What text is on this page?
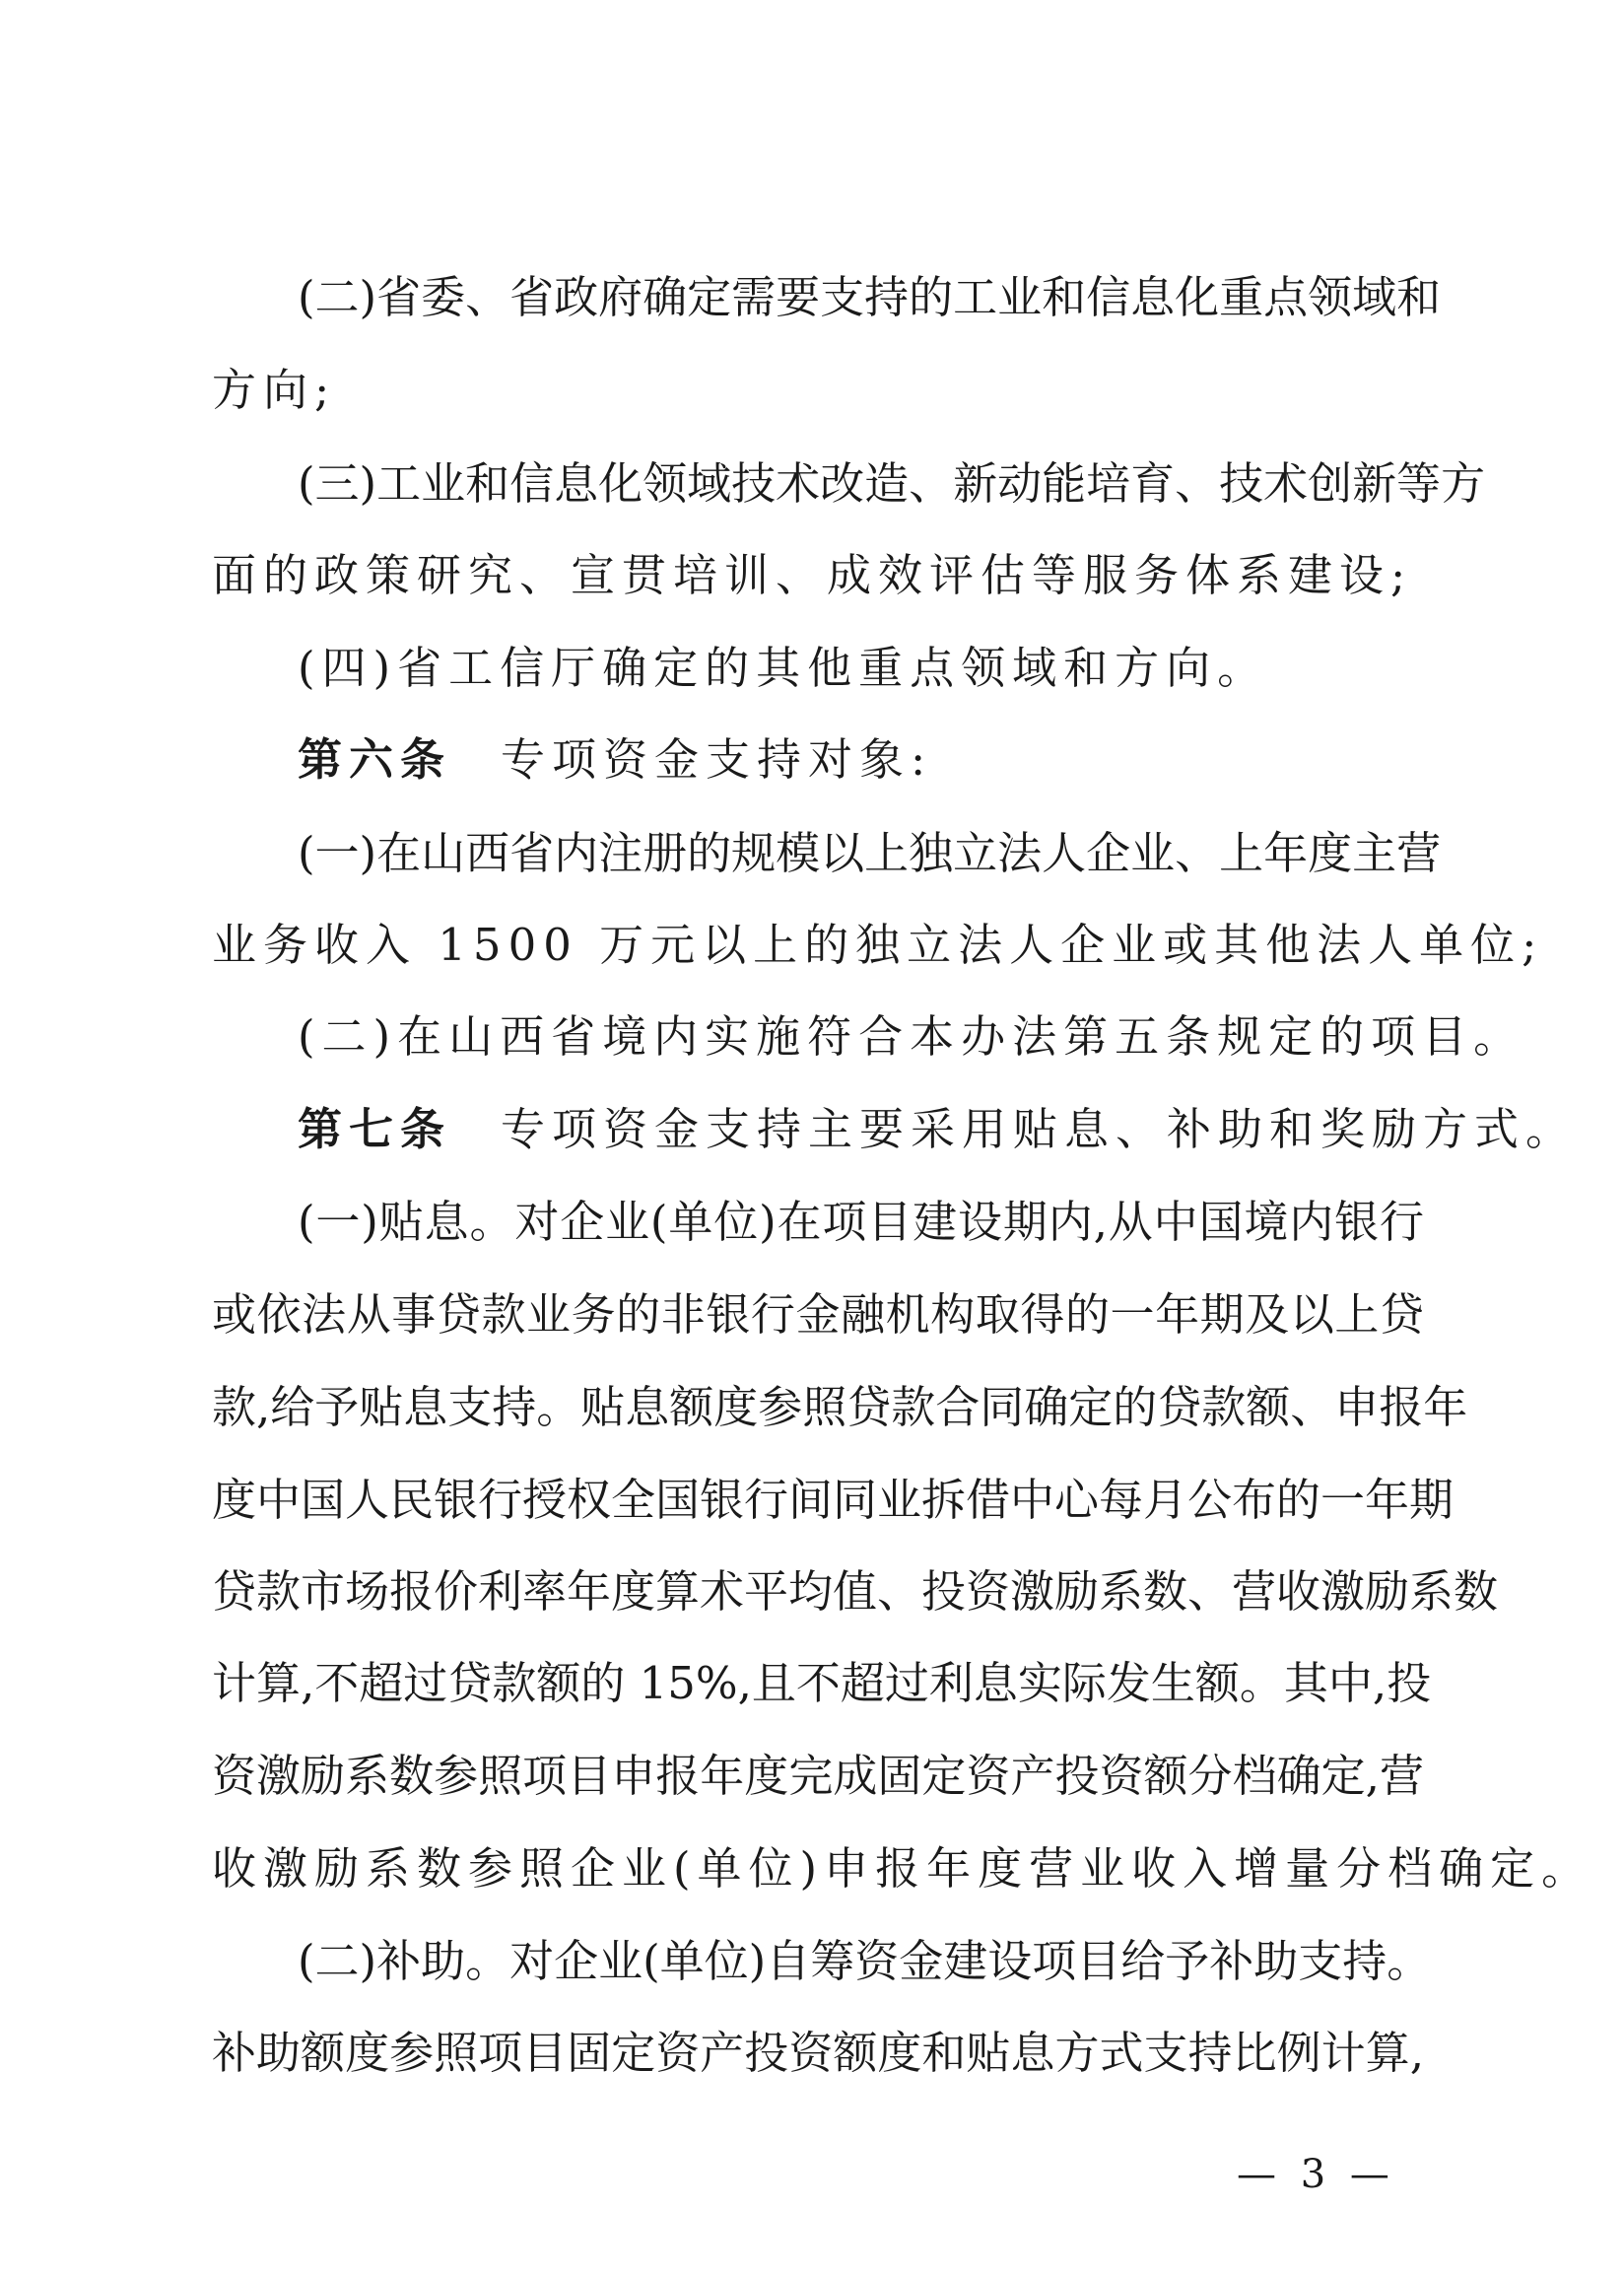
(二)省委、省政府确定需要支持的工业和信息化重点领域和
方向;
(三)工业和信息化领域技术改造、新动能培育、技术创新等方
面的政策研究、宣贯培训、成效评估等服务体系建设;
(四)省工信厅确定的其他重点领域和方向。
第六条 专项资金支持对象:
(一)在山西省内注册的规模以上独立法人企业、上年度主营
业务收入 1500 万元以上的独立法人企业或其他法人单位;
(二)在山西省境内实施符合本办法第五条规定的项目。
第七条 专项资金支持主要采用贴息、补助和奖励方式。
(一)贴息。对企业(单位)在项目建设期内,从中国境内银行
或依法从事贷款业务的非银行金融机构取得的一年期及以上贷
款,给予贴息支持。贴息额度参照贷款合同确定的贷款额、申报年
度中国人民银行授权全国银行间同业拆借中心每月公布的一年期
贷款市场报价利率年度算术平均值、投资激励系数、营收激励系数
计算,不超过贷款额的 15%,且不超过利息实际发生额。其中,投
资激励系数参照项目申报年度完成固定资产投资额分档确定,营
收激励系数参照企业(单位)申报年度营业收入增量分档确定。
(二)补助。对企业(单位)自筹资金建设项目给予补助支持。
补助额度参照项目固定资产投资额度和贴息方式支持比例计算,
— 3 —
